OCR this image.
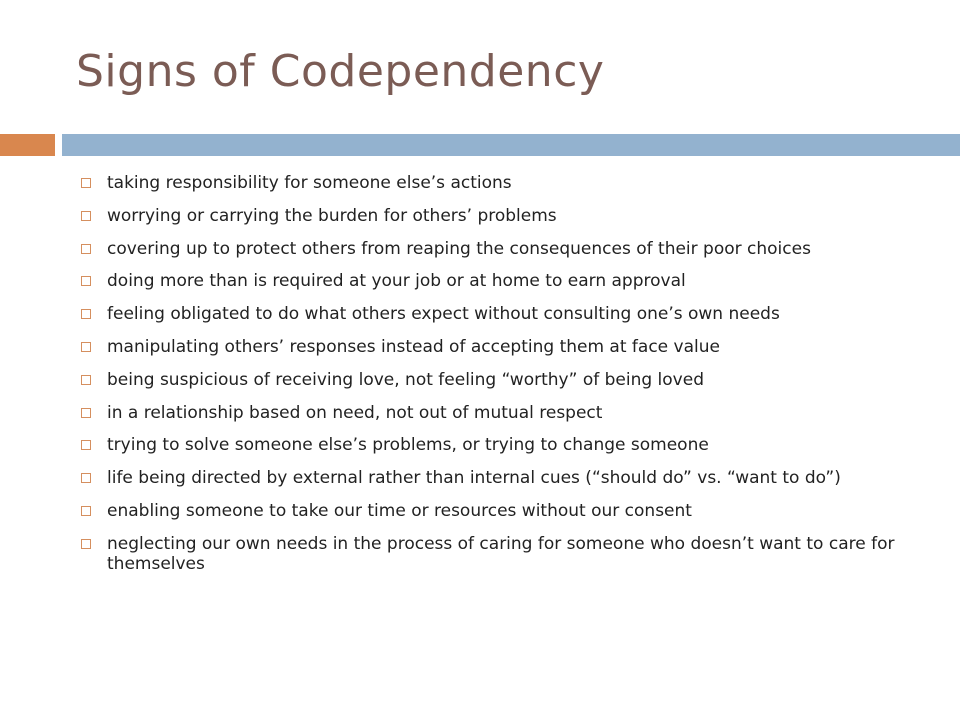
Signs of Codependency
taking responsibility for someone else’s actions
worrying or carrying the burden for others’ problems
covering up to protect others from reaping the consequences of their poor choices
doing more than is required at your job or at home to earn approval
feeling obligated to do what others expect without consulting one’s own needs
manipulating others’ responses instead of accepting them at face value
being suspicious of receiving love, not feeling “worthy” of being loved
in a relationship based on need, not out of mutual respect
trying to solve someone else’s problems, or trying to change someone
life being directed by external rather than internal cues (“should do” vs. “want to do”)
enabling someone to take our time or resources without our consent
neglecting our own needs in the process of caring for someone who doesn’t want to care for themselves
